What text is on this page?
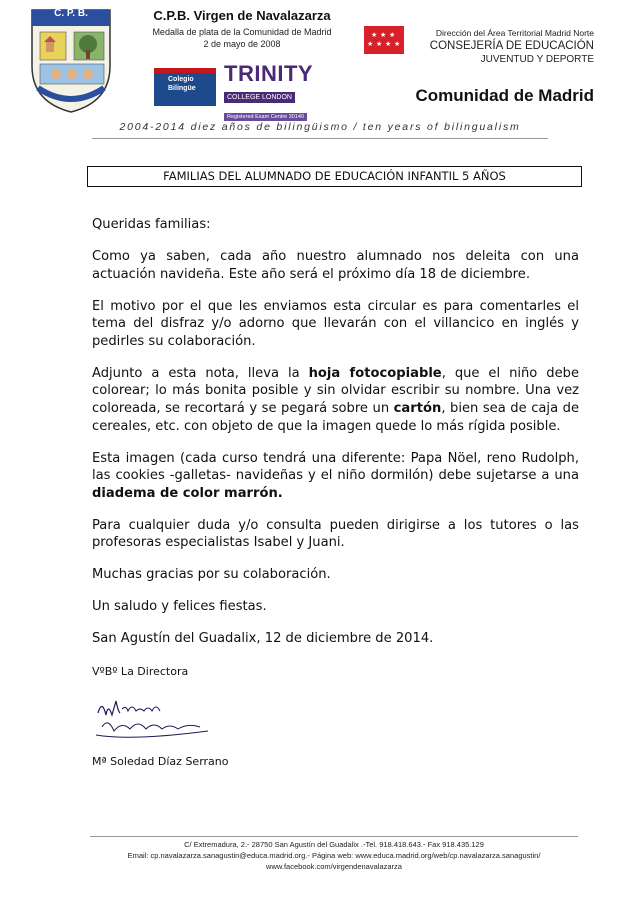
C. P. B.	C.P.B. Virgen de Navalazarza
Medalla de plata de la Comunidad de Madrid
2 de mayo de 2008
Colegio
Bilingüe
TRINITY
COLLEGE LONDON
Registered Exam Centre 30140
★ ★ ★
★ ★ ★ ★
Dirección del Área Territorial Madrid Norte
CONSEJERÍA DE EDUCACIÓN
JUVENTUD Y DEPORTE
Comunidad de Madrid
2004-2014 diez años de bilingüismo / ten years of bilingualism
FAMILIAS DEL ALUMNADO DE EDUCACIÓN INFANTIL 5 AÑOS

Queridas familias:

Como ya saben, cada año nuestro alumnado nos deleita con una actuación navideña. Este año será el próximo día 18 de diciembre.

El motivo por el que les enviamos esta circular es para comentarles el tema del disfraz y/o adorno que llevarán con el villancico en inglés y pedirles su colaboración.

Adjunto a esta nota, lleva la hoja fotocopiable, que el niño debe colorear; lo más bonita posible y sin olvidar escribir su nombre. Una vez coloreada, se recortará y se pegará sobre un cartón, bien sea de caja de cereales, etc. con objeto de que la imagen quede lo más rígida posible.

Esta imagen (cada curso tendrá una diferente: Papa Nöel, reno Rudolph, las cookies -galletas- navideñas y el niño dormilón) debe sujetarse a una diadema de color marrón.

Para cualquier duda y/o consulta pueden dirigirse a los tutores o las profesoras especialistas Isabel y Juani.

Muchas gracias por su colaboración.

Un saludo y felices fiestas.

San Agustín del Guadalix, 12 de diciembre de 2014.

VºBº La Directora

Mª Soledad Díaz Serrano

C/ Extremadura, 2.- 28750 San Agustín del Guadalix .-Tel. 918.418.643.- Fax 918.435.129
Email: cp.navalazarza.sanagustin@educa.madrid.org.- Página web: www.educa.madrid.org/web/cp.navalazarza.sanagustin/
www.facebook.com/virgendenavalazarza
